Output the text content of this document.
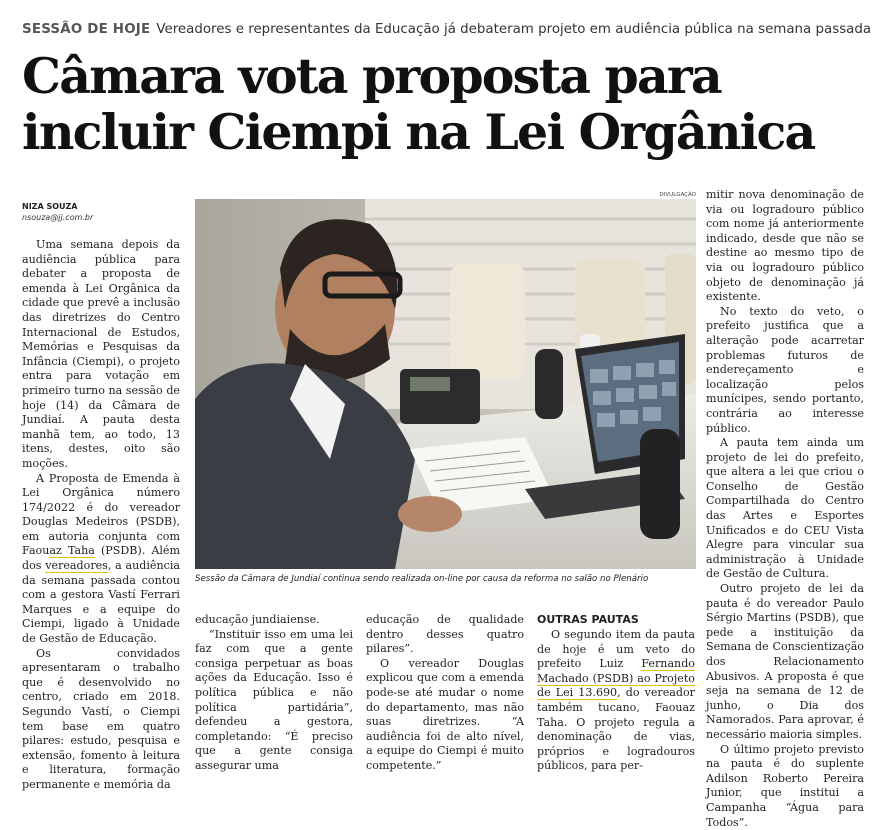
SESSÃO DE HOJE Vereadores e representantes da Educação já debateram projeto em audiência pública na semana passada
Câmara vota proposta para
incluir Ciempi na Lei Orgânica
NIZA SOUZA
nsouza@jj.com.br
DIVULGAÇÃO
Sessão da Câmara de Jundiaí continua sendo realizada on-line por causa da reforma no salão no Plenário

Uma semana depois da audiência pública para debater a proposta de emenda à Lei Orgânica da cidade que prevê a inclusão das diretrizes do Centro Internacional de Estudos, Memórias e Pesquisas da Infância (Ciempi), o projeto entra para votação em primeiro turno na sessão de hoje (14) da Câmara de Jundiaí. A pauta desta manhã tem, ao todo, 13 itens, destes, oito são moções.

A Proposta de Emenda à Lei Orgânica número 174/2022 é do vereador Douglas Medeiros (PSDB), em autoria conjunta com Faouaz Taha (PSDB). Além dos vereadores, a audiência da semana passada contou com a gestora Vastí Ferrari Marques e a equipe do Ciempi, ligado à Unidade de Gestão de Educação.

Os convidados apresentaram o trabalho que é desenvolvido no centro, criado em 2018. Segundo Vastí, o Ciempi tem base em quatro pilares: estudo, pesquisa e extensão, fomento à leitura e literatura, formação permanente e memória da

educação jundiaiense.

“Instituir isso em uma lei faz com que a gente consiga perpetuar as boas ações da Educação. Isso é política pública e não política partidária”, defendeu a gestora, completando: “É preciso que a gente consiga assegurar uma

educação de qualidade dentro desses quatro pilares”.

O vereador Douglas explicou que com a emenda pode-se até mudar o nome do departamento, mas não suas diretrizes. “A audiência foi de alto nível, a equipe do Ciempi é muito competente.”

OUTRAS PAUTAS

O segundo item da pauta de hoje é um veto do prefeito Luiz Fernando Machado (PSDB) ao Projeto de Lei 13.690, do vereador também tucano, Faouaz Taha. O projeto regula a denominação de vias, próprios e logradouros públicos, para per-

mitir nova denominação de via ou logradouro público com nome já anteriormente indicado, desde que não se destine ao mesmo tipo de via ou logradouro público objeto de denominação já existente.

No texto do veto, o prefeito justifica que a alteração pode acarretar problemas futuros de endereçamento e localização pelos munícipes, sendo portanto, contrária ao interesse público.

A pauta tem ainda um projeto de lei do prefeito, que altera a lei que criou o Conselho de Gestão Compartilhada do Centro das Artes e Esportes Unificados e do CEU Vista Alegre para vincular sua administração à Unidade de Gestão de Cultura.

Outro projeto de lei da pauta é do vereador Paulo Sérgio Martins (PSDB), que pede a instituição da Semana de Conscientização dos Relacionamento Abusivos. A proposta é que seja na semana de 12 de junho, o Dia dos Namorados. Para aprovar, é necessário maioria simples.

O último projeto previsto na pauta é do suplente Adilson Roberto Pereira Junior, que institui a Campanha “Água para Todos”.
